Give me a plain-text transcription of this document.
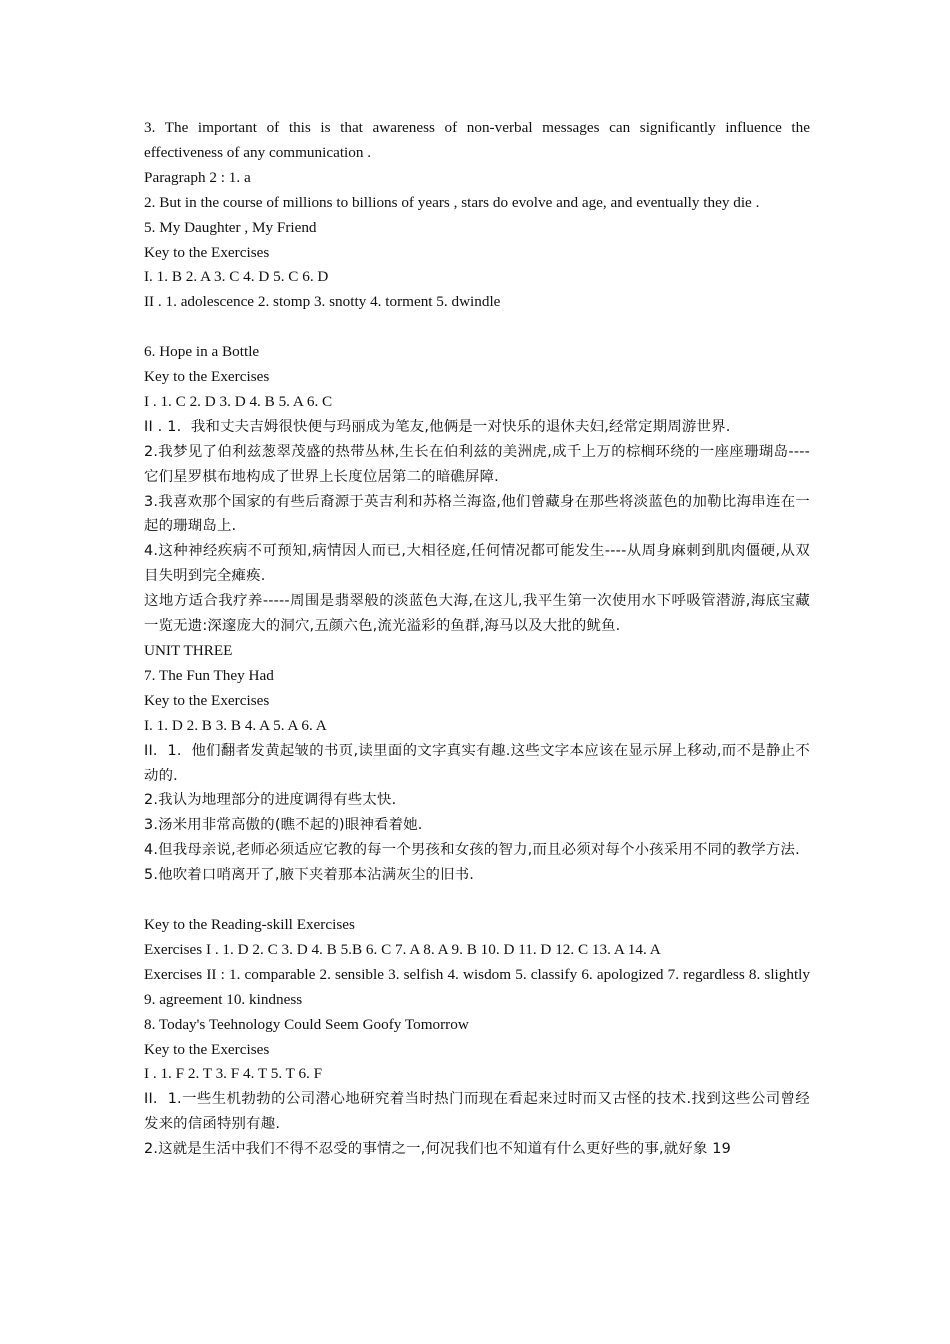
3. The important of this is that awareness of non-verbal messages can significantly influence the effectiveness of any communication .
Paragraph 2 : 1. a
2. But in the course of millions to billions of years , stars do evolve and age, and eventually they die .
5. My Daughter , My Friend
Key to the Exercises
I. 1. B 2. A 3. C 4. D 5. C 6. D
II . 1. adolescence 2. stomp 3. snotty 4. torment 5. dwindle
6. Hope in a Bottle
Key to the Exercises
I . 1. C 2. D 3. D 4. B 5. A 6. C
II . 1.  我和丈夫吉姆很快便与玛丽成为笔友,他俩是一对快乐的退休夫妇,经常定期周游世界.
2.我梦见了伯利兹葱翠茂盛的热带丛林,生长在伯利兹的美洲虎,成千上万的棕榈环绕的一座座珊瑚岛----它们星罗棋布地构成了世界上长度位居第二的暗礁屏障.
3.我喜欢那个国家的有些后裔源于英吉利和苏格兰海盗,他们曾藏身在那些将淡蓝色的加勒比海串连在一起的珊瑚岛上.
4.这种神经疾病不可预知,病情因人而已,大相径庭,任何情况都可能发生----从周身麻刺到肌肉僵硬,从双目失明到完全瘫痪.
这地方适合我疗养-----周围是翡翠般的淡蓝色大海,在这儿,我平生第一次使用水下呼吸管潜游,海底宝藏一览无遗:深邃庞大的洞穴,五颜六色,流光溢彩的鱼群,海马以及大批的鱿鱼.
UNIT THREE
7. The Fun They Had
Key to the Exercises
I. 1. D 2. B 3. B 4. A 5. A 6. A
II.  1.  他们翻者发黄起皱的书页,读里面的文字真实有趣.这些文字本应该在显示屏上移动,而不是静止不动的.
2.我认为地理部分的进度调得有些太快.
3.汤米用非常高傲的(瞧不起的)眼神看着她.
4.但我母亲说,老师必须适应它教的每一个男孩和女孩的智力,而且必须对每个小孩采用不同的教学方法.
5.他吹着口哨离开了,腋下夹着那本沾满灰尘的旧书.
Key to the Reading-skill Exercises
Exercises I . 1. D 2. C 3. D 4. B 5.B 6. C 7. A 8. A 9. B 10. D 11. D 12. C 13. A 14. A
Exercises II : 1. comparable 2. sensible 3. selfish 4. wisdom 5. classify 6. apologized 7. regardless 8. slightly 9. agreement 10. kindness
8. Today's Teehnology Could Seem Goofy Tomorrow
Key to the Exercises
I . 1. F 2. T 3. F 4. T 5. T 6. F
II.  1.一些生机勃勃的公司潜心地研究着当时热门而现在看起来过时而又古怪的技术.找到这些公司曾经发来的信函特别有趣.
2.这就是生活中我们不得不忍受的事情之一,何况我们也不知道有什么更好些的事,就好象 19
